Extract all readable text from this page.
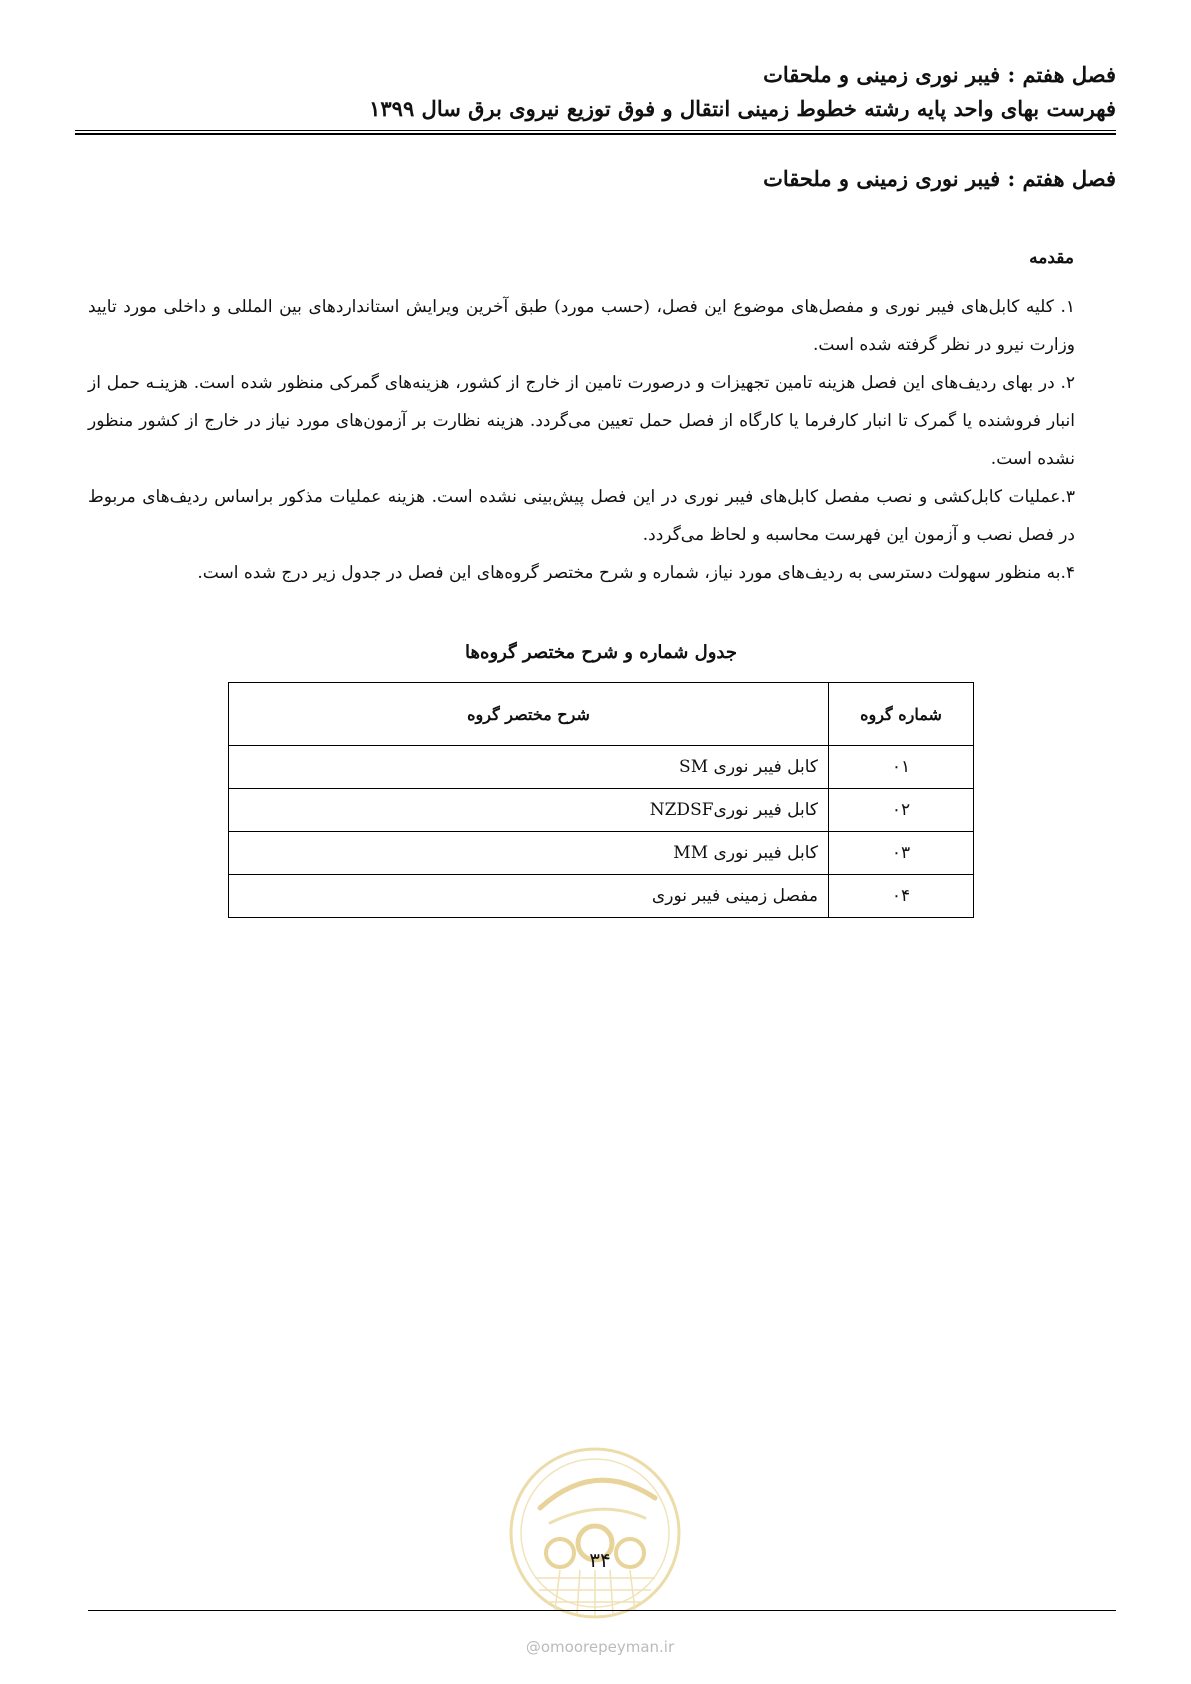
فصل هفتم : فیبر نوری زمینی و ملحقات
فهرست بهای واحد پایه رشته خطوط زمینی انتقال و فوق توزیع نیروی برق سال ۱۳۹۹
فصل هفتم : فیبر نوری زمینی و ملحقات
مقدمه

۱. کلیه کابل‌های فیبر نوری و مفصل‌های موضوع این فصل، (حسب مورد) طبق آخرین ویرایش استانداردهای بین المللی و داخلی مورد تایید وزارت نیرو در نظر گرفته شده است.

۲. در بهای ردیف‌های این فصل هزینه تامین تجهیزات و درصورت تامین از خارج از کشور، هزینه‌های گمرکی منظور شده است. هزینـه حمل از انبار فروشنده یا گمرک تا انبار کارفرما یا کارگاه از فصل حمل تعیین می‌گردد. هزینه نظارت بر آزمون‌های مورد نیاز در خارج از کشور منظور نشده است.

۳.عملیات کابل‌کشی و نصب مفصل کابل‌های فیبر نوری در این فصل پیش‌بینی نشده است. هزینه عملیات مذکور براساس ردیف‌های مربوط در فصل نصب و آزمون این فهرست محاسبه و لحاظ می‌گردد.

۴.به منظور سهولت دسترسی به ردیف‌های مورد نیاز، شماره و شرح مختصر گروه‌های این فصل در جدول زیر درج شده است.

جدول شماره و شرح مختصر گروه‌ها
شماره گروه	شرح مختصر گروه
۰۱	کابل فیبر نوری SM
۰۲	کابل فیبر نوریNZDSF
۰۳	کابل فیبر نوری MM
۰۴	مفصل زمینی فیبر نوری
۳۴
@omoorepeyman.ir
